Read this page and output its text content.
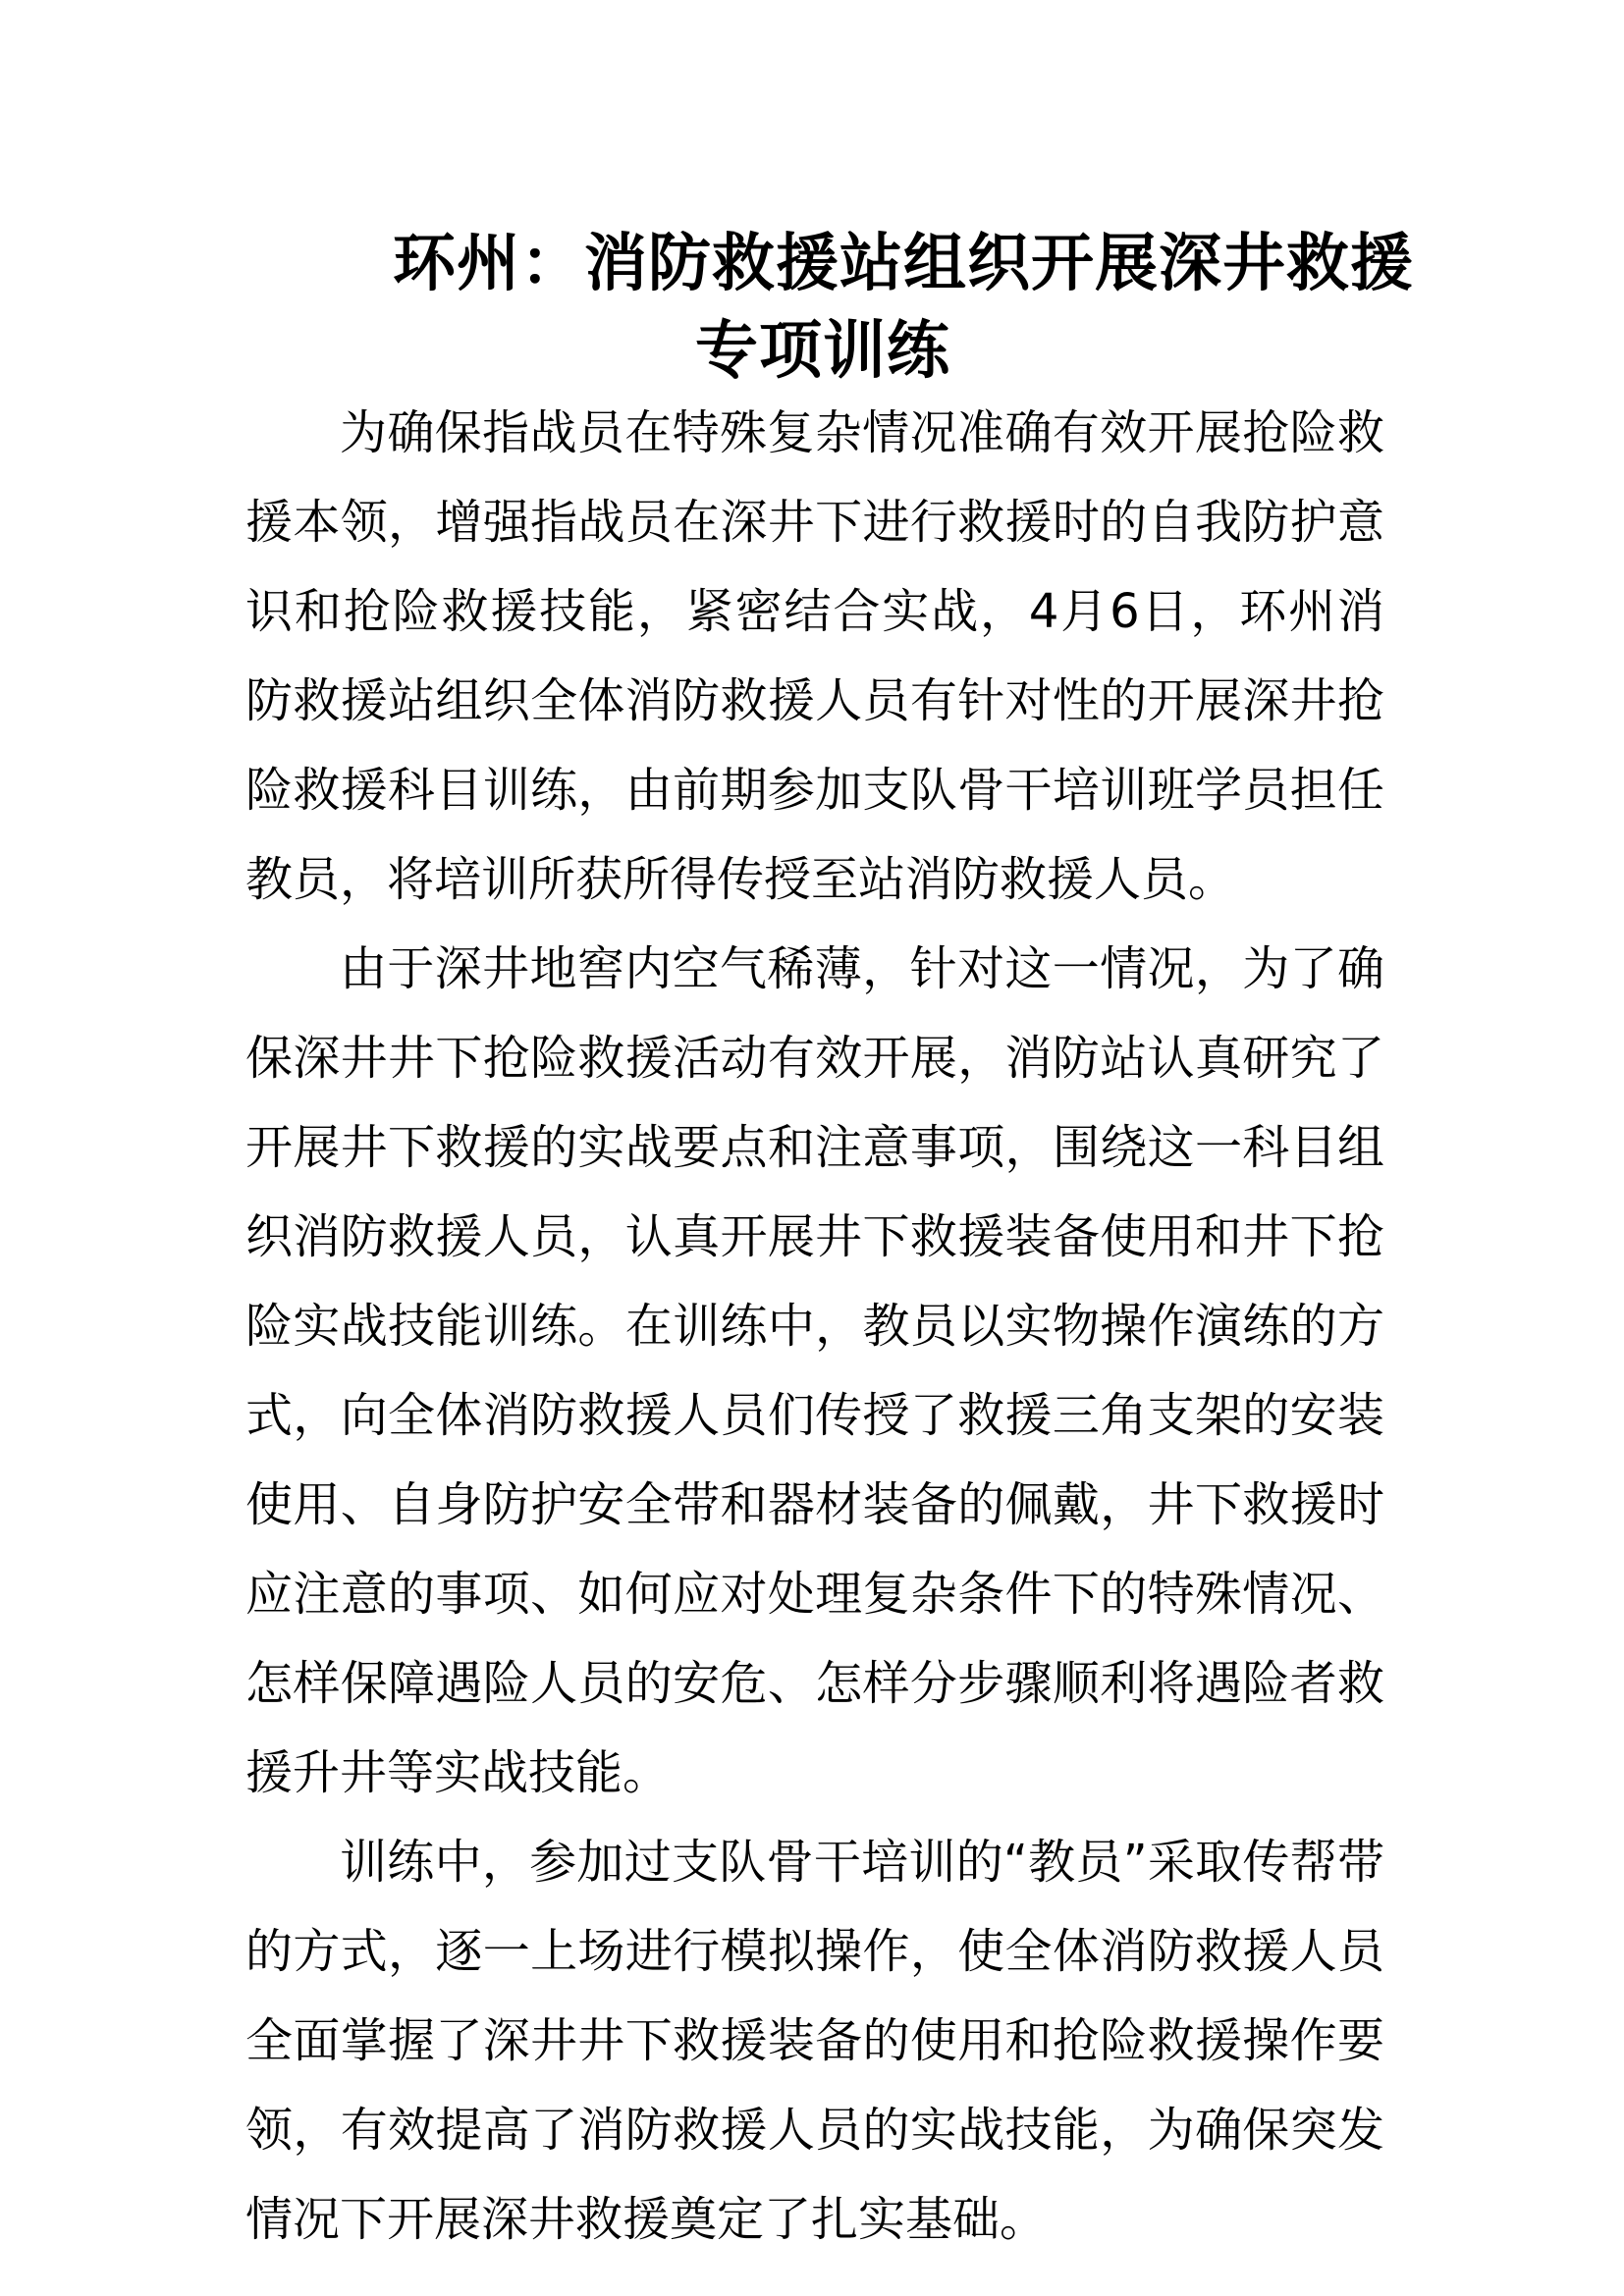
环州：消防救援站组织开展深井救援
专项训练

为确保指战员在特殊复杂情况准确有效开展抢险救援本领，增强指战员在深井下进行救援时的自我防护意识和抢险救援技能，紧密结合实战，4月6日，环州消防救援站组织全体消防救援人员有针对性的开展深井抢险救援科目训练，由前期参加支队骨干培训班学员担任教员，将培训所获所得传授至站消防救援人员。

由于深井地窖内空气稀薄，针对这一情况，为了确保深井井下抢险救援活动有效开展，消防站认真研究了开展井下救援的实战要点和注意事项，围绕这一科目组织消防救援人员，认真开展井下救援装备使用和井下抢险实战技能训练。在训练中，教员以实物操作演练的方式，向全体消防救援人员们传授了救援三角支架的安装使用、自身防护安全带和器材装备的佩戴，井下救援时应注意的事项、如何应对处理复杂条件下的特殊情况、怎样保障遇险人员的安危、怎样分步骤顺利将遇险者救援升井等实战技能。

训练中，参加过支队骨干培训的“教员”采取传帮带的方式，逐一上场进行模拟操作，使全体消防救援人员全面掌握了深井井下救援装备的使用和抢险救援操作要领，有效提高了消防救援人员的实战技能，为确保突发情况下开展深井救援奠定了扎实基础。
